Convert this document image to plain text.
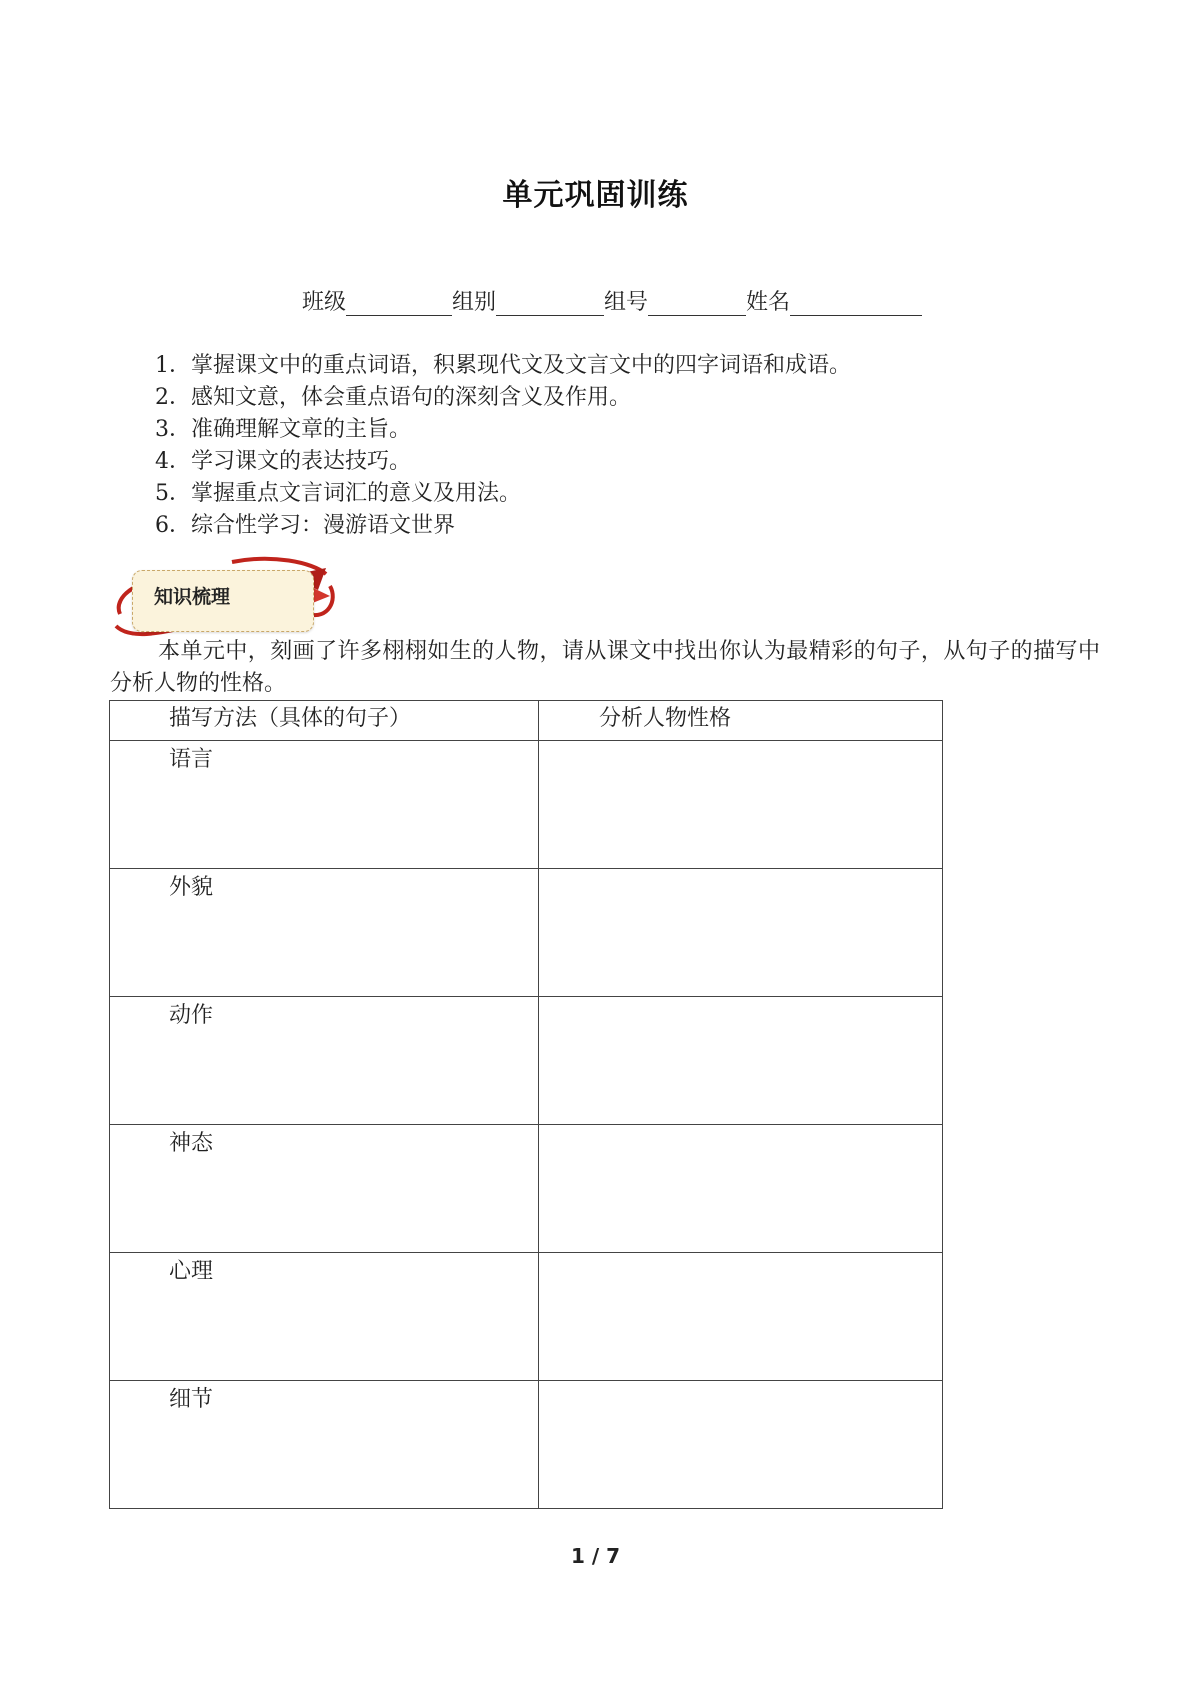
单元巩固训练
班级	组别	组号	姓名
1．掌握课文中的重点词语，积累现代文及文言文中的四字词语和成语。
2．感知文意，体会重点语句的深刻含义及作用。
3．准确理解文章的主旨。
4．学习课文的表达技巧。
5．掌握重点文言词汇的意义及用法。
6．综合性学习：漫游语文世界
知识梳理
本单元中，刻画了许多栩栩如生的人物，请从课文中找出你认为最精彩的句子，从句子的描写中分析人物的性格。
描写方法（具体的句子）	分析人物性格

语言	

外貌	

动作	

神态	

心理	

细节	

1 / 7
